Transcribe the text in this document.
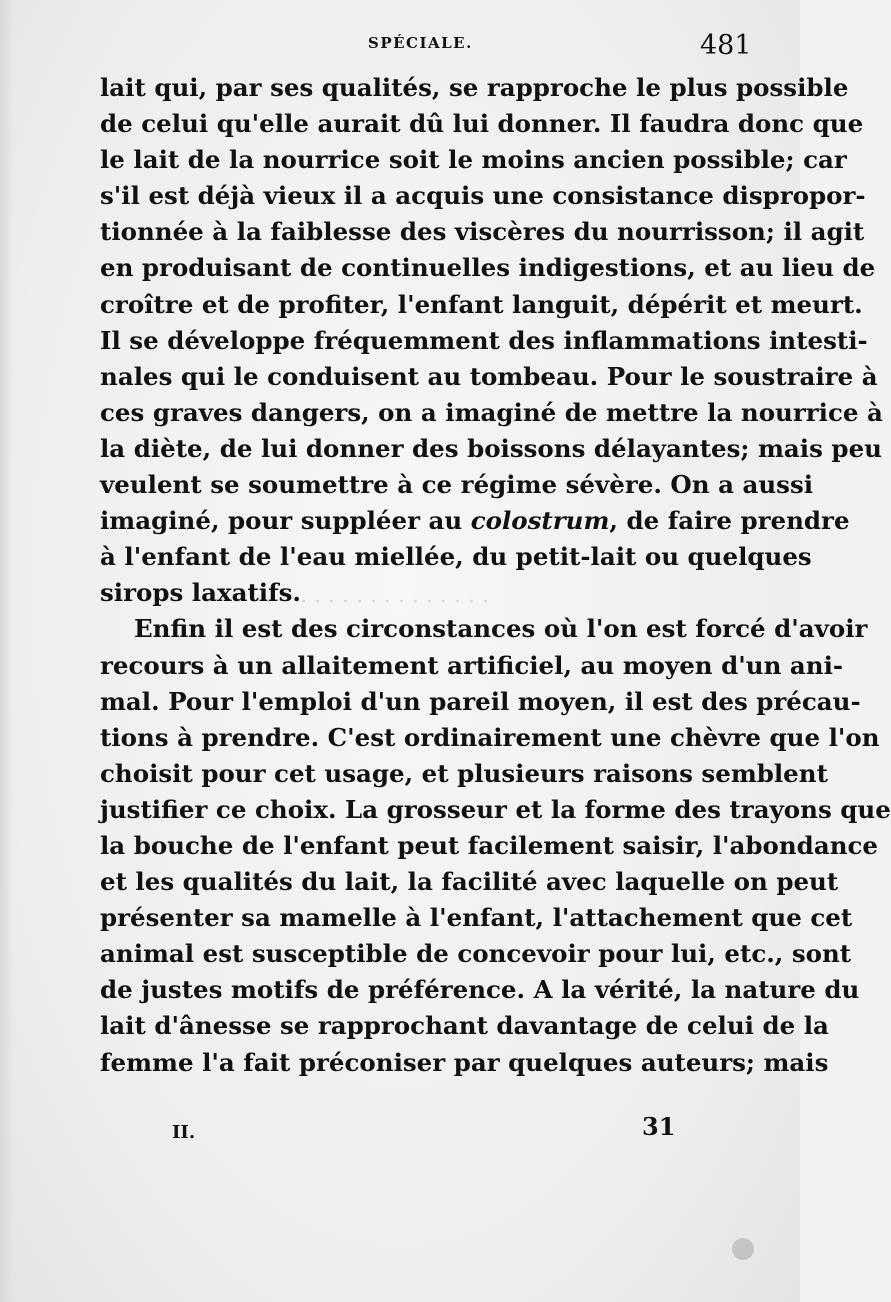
SPÉCIALE.	481
· · · · · · · · · · · · · ·
lait qui, par ses qualités, se rapproche le plus possible
de celui qu'elle aurait dû lui donner. Il faudra donc que
le lait de la nourrice soit le moins ancien possible; car
s'il est déjà vieux il a acquis une consistance dispropor-
tionnée à la faiblesse des viscères du nourrisson; il agit
en produisant de continuelles indigestions, et au lieu de
croître et de profiter, l'enfant languit, dépérit et meurt.
Il se développe fréquemment des inflammations intesti-
nales qui le conduisent au tombeau. Pour le soustraire à
ces graves dangers, on a imaginé de mettre la nourrice à
la diète, de lui donner des boissons délayantes; mais peu
veulent se soumettre à ce régime sévère. On a aussi
imaginé, pour suppléer au colostrum, de faire prendre
à l'enfant de l'eau miellée, du petit-lait ou quelques
sirops laxatifs.
Enfin il est des circonstances où l'on est forcé d'avoir
recours à un allaitement artificiel, au moyen d'un ani-
mal. Pour l'emploi d'un pareil moyen, il est des précau-
tions à prendre. C'est ordinairement une chèvre que l'on
choisit pour cet usage, et plusieurs raisons semblent
justifier ce choix. La grosseur et la forme des trayons que
la bouche de l'enfant peut facilement saisir, l'abondance
et les qualités du lait, la facilité avec laquelle on peut
présenter sa mamelle à l'enfant, l'attachement que cet
animal est susceptible de concevoir pour lui, etc., sont
de justes motifs de préférence. A la vérité, la nature du
lait d'ânesse se rapprochant davantage de celui de la
femme l'a fait préconiser par quelques auteurs; mais
II.	31
